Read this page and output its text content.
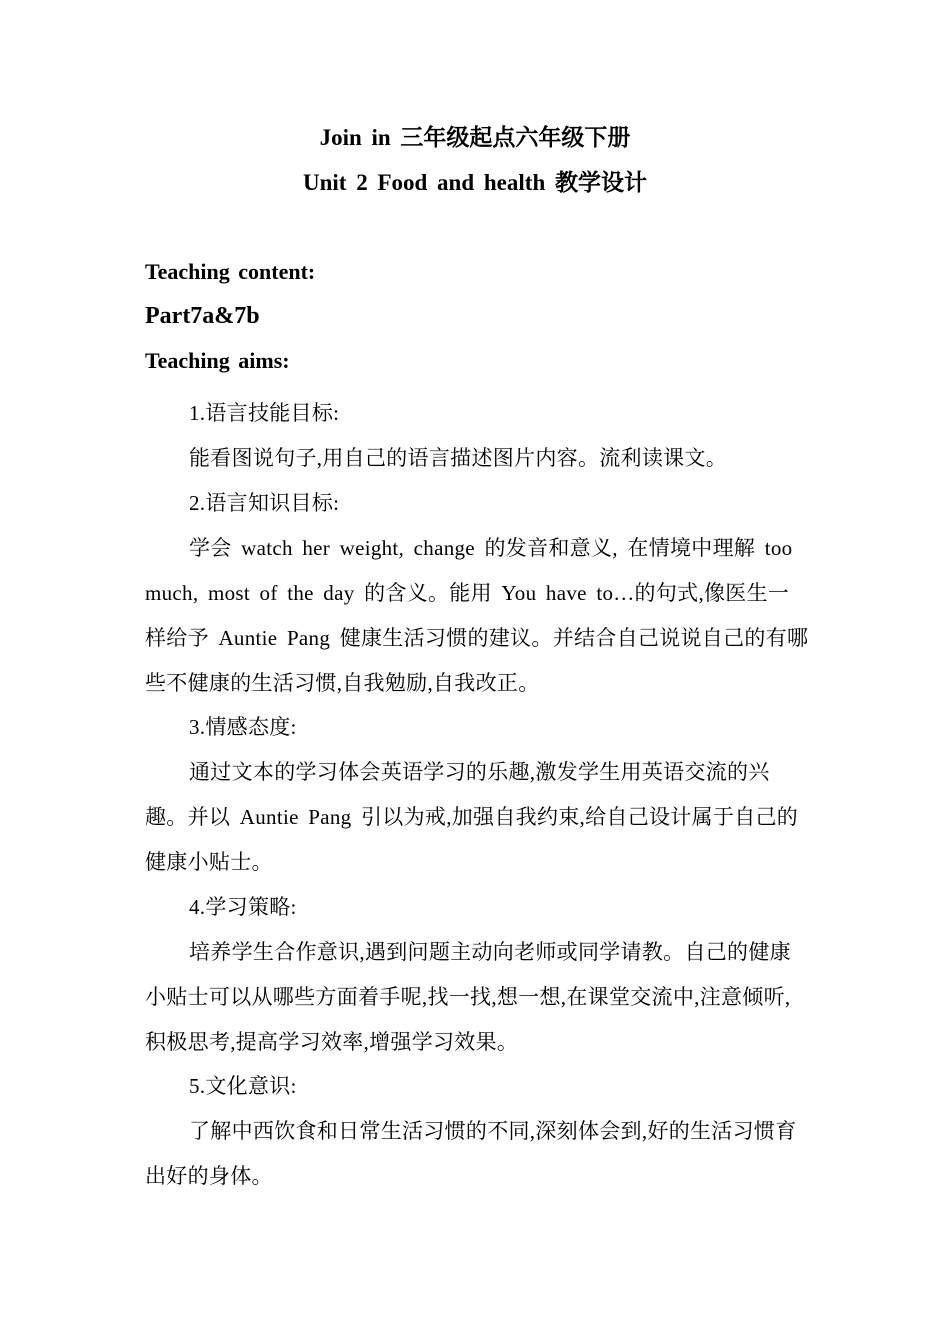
Join in 三年级起点六年级下册
Unit 2 Food and health 教学设计
Teaching content:
Part7a&7b
Teaching aims:
1.语言技能目标:
能看图说句子,用自己的语言描述图片内容。流利读课文。
2.语言知识目标:
学会 watch her weight, change 的发音和意义, 在情境中理解 too much, most of the day 的含义。能用 You have to…的句式,像医生一样给予 Auntie Pang 健康生活习惯的建议。并结合自己说说自己的有哪些不健康的生活习惯,自我勉励,自我改正。
3.情感态度:
通过文本的学习体会英语学习的乐趣,激发学生用英语交流的兴趣。并以 Auntie Pang 引以为戒,加强自我约束,给自己设计属于自己的健康小贴士。
4.学习策略:
培养学生合作意识,遇到问题主动向老师或同学请教。自己的健康小贴士可以从哪些方面着手呢,找一找,想一想,在课堂交流中,注意倾听,积极思考,提高学习效率,增强学习效果。
5.文化意识:
了解中西饮食和日常生活习惯的不同,深刻体会到,好的生活习惯育出好的身体。
